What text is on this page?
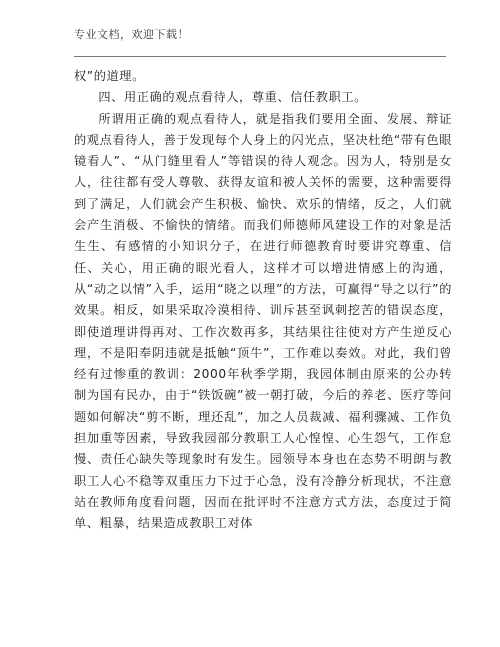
专业文档，欢迎下载！

权”的道理。

四、用正确的观点看待人，尊重、信任教职工。

所谓用正确的观点看待人，就是指我们要用全面、发展、辩证的观点看待人，善于发现每个人身上的闪光点，坚决杜绝“带有色眼镜看人”、“从门缝里看人”等错误的待人观念。因为人，特别是女人，往往都有受人尊敬、获得友谊和被人关怀的需要，这种需要得到了满足，人们就会产生积极、愉快、欢乐的情绪，反之，人们就会产生消极、不愉快的情绪。而我们师德师风建设工作的对象是活生生、有感情的小知识分子，在进行师德教育时要讲究尊重、信任、关心，用正确的眼光看人，这样才可以增进情感上的沟通，从“动之以情”入手，运用“晓之以理”的方法，可赢得“导之以行”的效果。相反，如果采取冷漠相待、训斥甚至讽刺挖苦的错误态度，即使道理讲得再对、工作次数再多，其结果往往使对方产生逆反心理，不是阳奉阴违就是抵触“顶牛”，工作难以奏效。对此，我们曾经有过惨重的教训：2000年秋季学期，我园体制由原来的公办转制为国有民办，由于“铁饭碗”被一朝打破，今后的养老、医疗等问题如何解决“剪不断，理还乱”，加之人员裁减、福利骤减、工作负担加重等因素，导致我园部分教职工人心惶惶、心生怨气，工作怠慢、责任心缺失等现象时有发生。园领导本身也在态势不明朗与教职工人心不稳等双重压力下过于心急，没有冷静分析现状，不注意站在教师角度看问题，因而在批评时不注意方式方法，态度过于简单、粗暴，结果造成教职工对体
